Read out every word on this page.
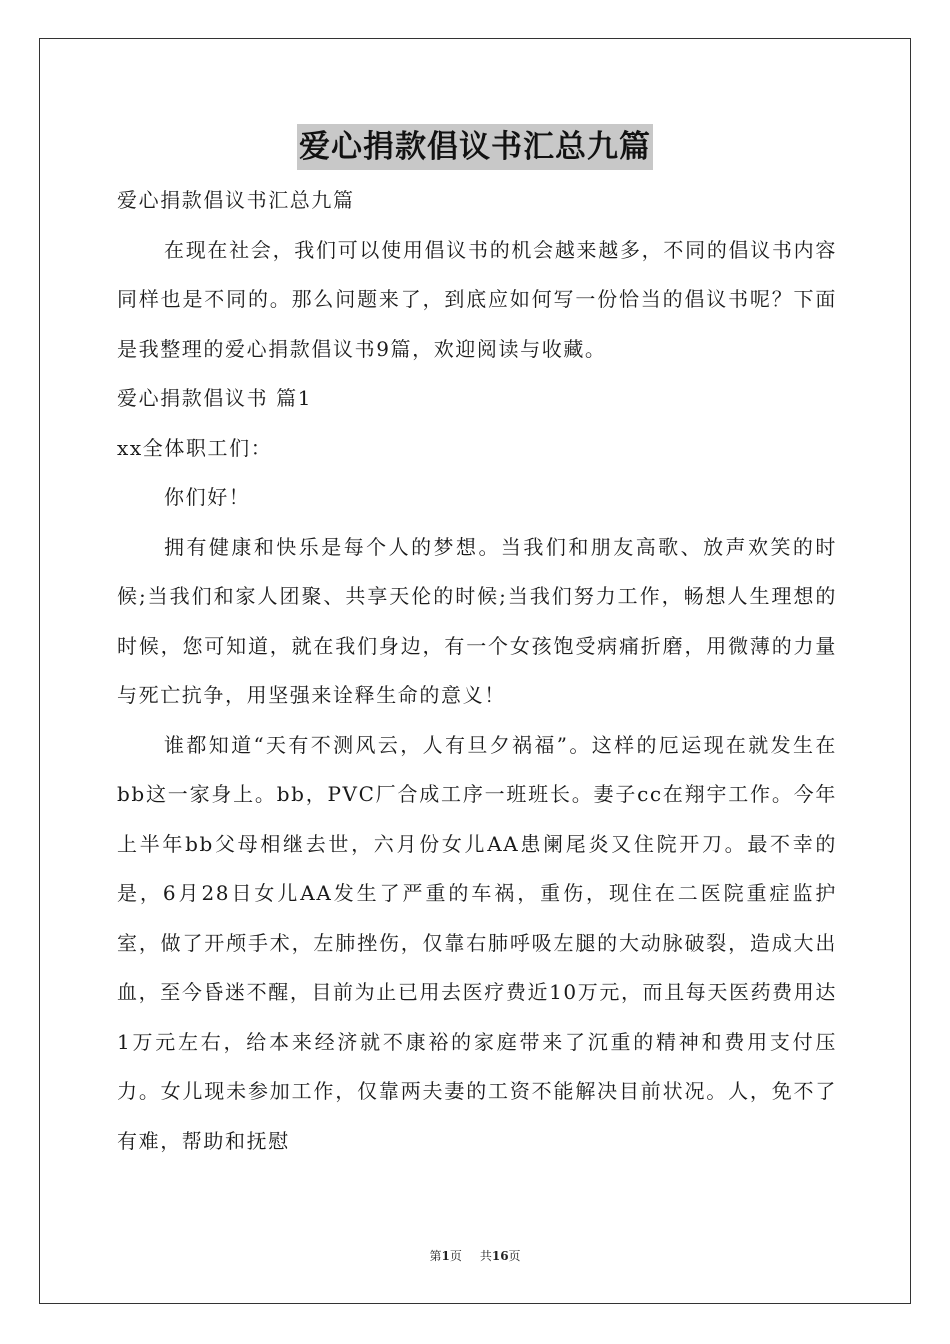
爱心捐款倡议书汇总九篇

爱心捐款倡议书汇总九篇

在现在社会，我们可以使用倡议书的机会越来越多，不同的倡议书内容同样也是不同的。那么问题来了，到底应如何写一份恰当的倡议书呢？下面是我整理的爱心捐款倡议书9篇，欢迎阅读与收藏。

爱心捐款倡议书 篇1

xx全体职工们：

你们好！

拥有健康和快乐是每个人的梦想。当我们和朋友高歌、放声欢笑的时候;当我们和家人团聚、共享天伦的时候;当我们努力工作，畅想人生理想的时候，您可知道，就在我们身边，有一个女孩饱受病痛折磨，用微薄的力量与死亡抗争，用坚强来诠释生命的意义！

谁都知道“天有不测风云，人有旦夕祸福”。这样的厄运现在就发生在bb这一家身上。bb，PVC厂合成工序一班班长。妻子cc在翔宇工作。今年上半年bb父母相继去世，六月份女儿AA患阑尾炎又住院开刀。最不幸的是，6月28日女儿AA发生了严重的车祸，重伤，现住在二医院重症监护室，做了开颅手术，左肺挫伤，仅靠右肺呼吸左腿的大动脉破裂，造成大出血，至今昏迷不醒，目前为止已用去医疗费近10万元，而且每天医药费用达1万元左右，给本来经济就不康裕的家庭带来了沉重的精神和费用支付压力。女儿现未参加工作，仅靠两夫妻的工资不能解决目前状况。人，免不了有难，帮助和抚慰

第1页 共16页
